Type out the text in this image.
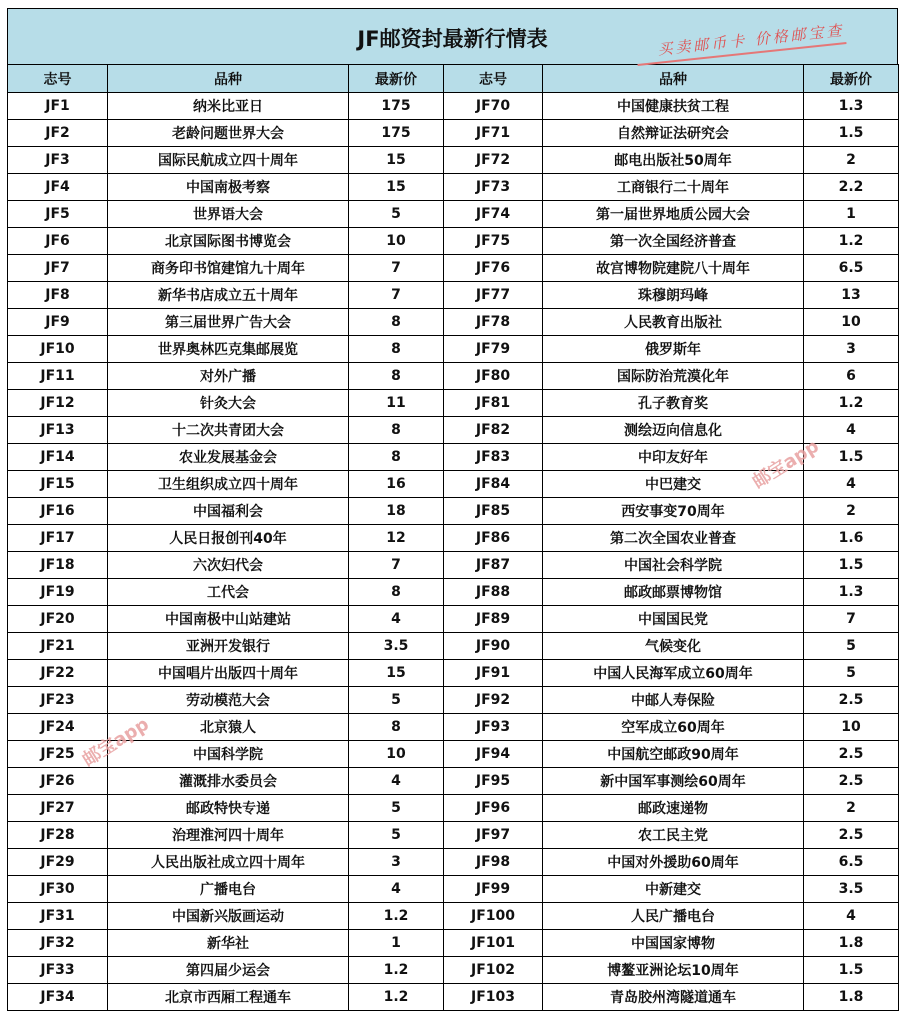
JF邮资封最新行情表	买卖邮币卡 价格邮宝查
志号	品种	最新价	志号	品种	最新价
JF1	纳米比亚日	175	JF70	中国健康扶贫工程	1.3
JF2	老龄问题世界大会	175	JF71	自然辩证法研究会	1.5
JF3	国际民航成立四十周年	15	JF72	邮电出版社50周年	2
JF4	中国南极考察	15	JF73	工商银行二十周年	2.2
JF5	世界语大会	5	JF74	第一届世界地质公园大会	1
JF6	北京国际图书博览会	10	JF75	第一次全国经济普查	1.2
JF7	商务印书馆建馆九十周年	7	JF76	故宫博物院建院八十周年	6.5
JF8	新华书店成立五十周年	7	JF77	珠穆朗玛峰	13
JF9	第三届世界广告大会	8	JF78	人民教育出版社	10
JF10	世界奥林匹克集邮展览	8	JF79	俄罗斯年	3
JF11	对外广播	8	JF80	国际防治荒漠化年	6
JF12	针灸大会	11	JF81	孔子教育奖	1.2
JF13	十二次共青团大会	8	JF82	测绘迈向信息化	4
JF14	农业发展基金会	8	JF83	中印友好年	1.5
JF15	卫生组织成立四十周年	16	JF84	中巴建交	4
JF16	中国福利会	18	JF85	西安事变70周年	2
JF17	人民日报创刊40年	12	JF86	第二次全国农业普查	1.6
JF18	六次妇代会	7	JF87	中国社会科学院	1.5
JF19	工代会	8	JF88	邮政邮票博物馆	1.3
JF20	中国南极中山站建站	4	JF89	中国国民党	7
JF21	亚洲开发银行	3.5	JF90	气候变化	5
JF22	中国唱片出版四十周年	15	JF91	中国人民海军成立60周年	5
JF23	劳动模范大会	5	JF92	中邮人寿保险	2.5
JF24	北京猿人	8	JF93	空军成立60周年	10
JF25	中国科学院	10	JF94	中国航空邮政90周年	2.5
JF26	灌溉排水委员会	4	JF95	新中国军事测绘60周年	2.5
JF27	邮政特快专递	5	JF96	邮政速递物	2
JF28	治理淮河四十周年	5	JF97	农工民主党	2.5
JF29	人民出版社成立四十周年	3	JF98	中国对外援助60周年	6.5
JF30	广播电台	4	JF99	中新建交	3.5
JF31	中国新兴版画运动	1.2	JF100	人民广播电台	4
JF32	新华社	1	JF101	中国国家博物	1.8
JF33	第四届少运会	1.2	JF102	博鳌亚洲论坛10周年	1.5
JF34	北京市西厢工程通车	1.2	JF103	青岛胶州湾隧道通车	1.8
邮宝app
邮宝app
